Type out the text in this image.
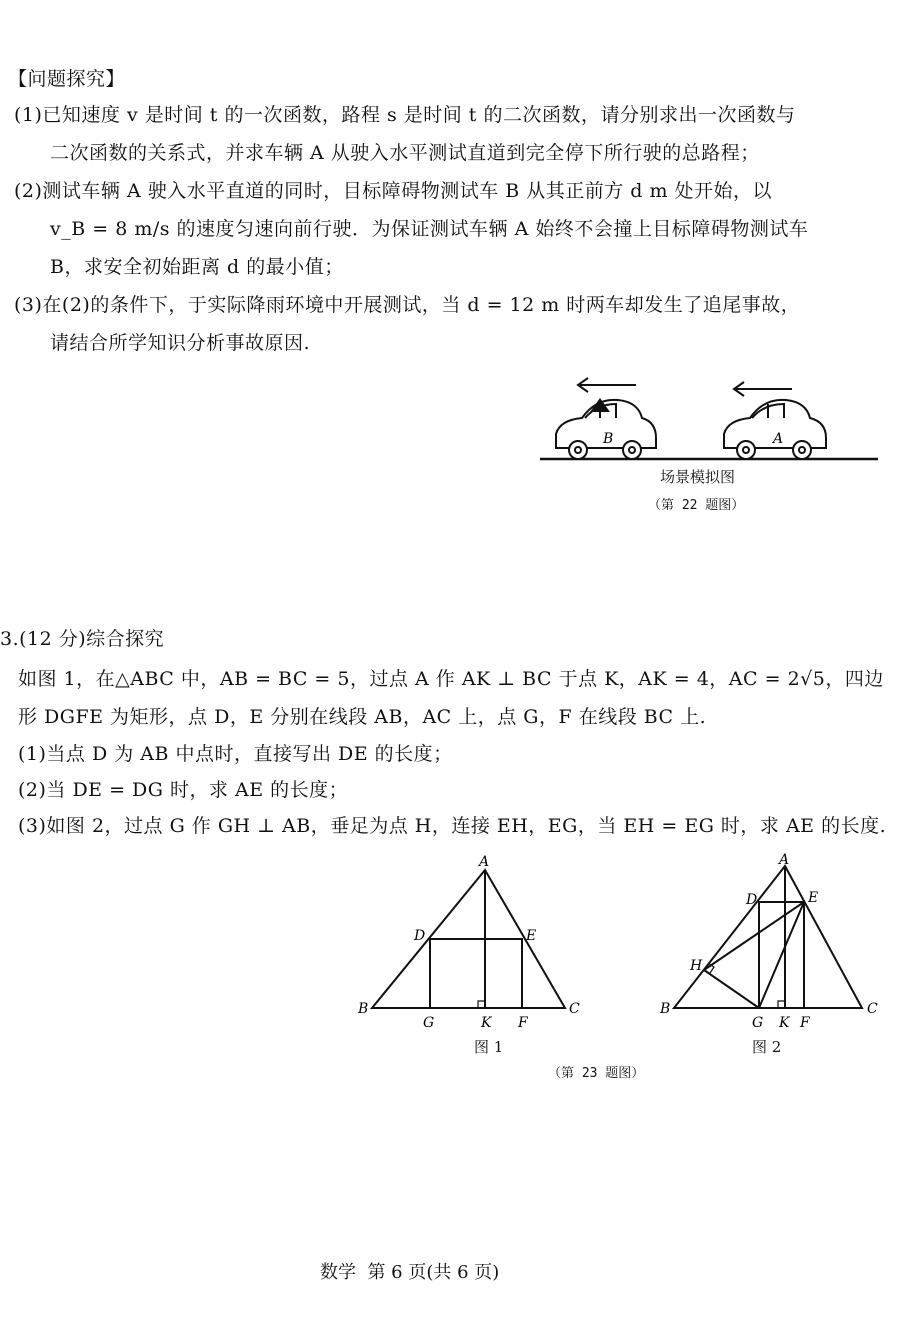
【问题探究】
(1)已知速度 v 是时间 t 的一次函数，路程 s 是时间 t 的二次函数，请分别求出一次函数与
二次函数的关系式，并求车辆 A 从驶入水平测试直道到完全停下所行驶的总路程；
(2)测试车辆 A 驶入水平直道的同时，目标障碍物测试车 B 从其正前方 d m 处开始，以
v_B = 8 m/s 的速度匀速向前行驶．为保证测试车辆 A 始终不会撞上目标障碍物测试车
B，求安全初始距离 d 的最小值；
(3)在(2)的条件下，于实际降雨环境中开展测试，当 d = 12 m 时两车却发生了追尾事故，
请结合所学知识分析事故原因.
B	A
场景模拟图
（第 22 题图）
3.(12 分)综合探究
如图 1，在△ABC 中，AB = BC = 5，过点 A 作 AK ⊥ BC 于点 K，AK = 4，AC = 2√5，四边
形 DGFE 为矩形，点 D，E 分别在线段 AB，AC 上，点 G，F 在线段 BC 上.
(1)当点 D 为 AB 中点时，直接写出 DE 的长度；
(2)当 DE = DG 时，求 AE 的长度；
(3)如图 2，过点 G 作 GH ⊥ AB，垂足为点 H，连接 EH，EG，当 EH = EG 时，求 AE 的长度.
A
B	C
D	E
G	K F
图 1
A
B	C
D	E
H
G K F
图 2
（第 23 题图）
数学  第 6 页(共 6 页)
